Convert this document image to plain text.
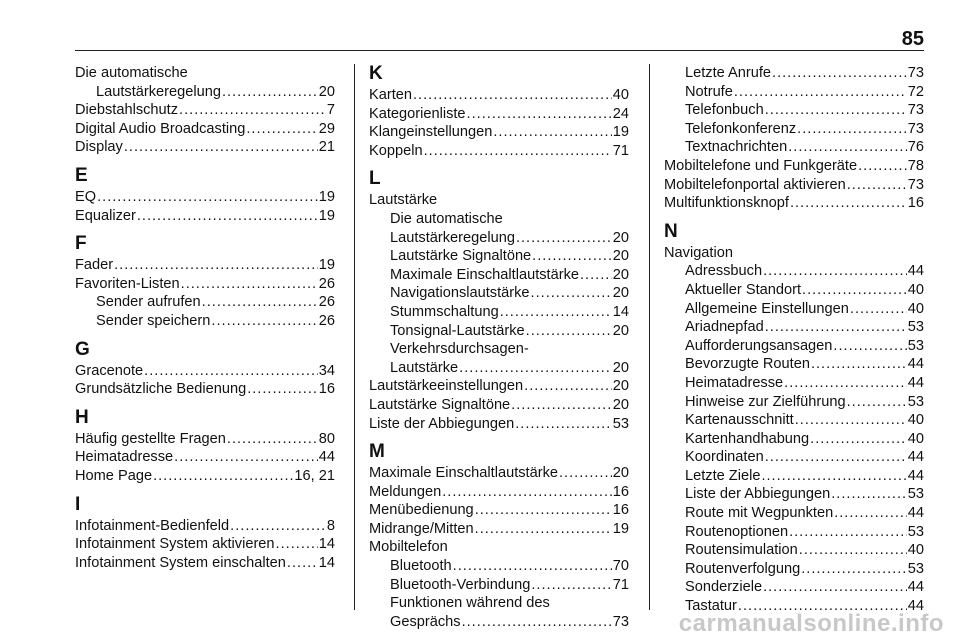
85
Die automatische
Lautstärkeregelung .....	20
Diebstahlschutz .....	7
Digital Audio Broadcasting .....	29
Display .....	21
E
EQ .....	19
Equalizer .....	19
F
Fader .....	19
Favoriten-Listen .....	26
Sender aufrufen .....	26
Sender speichern .....	26
G
Gracenote .....	34
Grundsätzliche Bedienung .....	16
H
Häufig gestellte Fragen .....	80
Heimatadresse .....	44
Home Page .....	16, 21
I
Infotainment-Bedienfeld .....	8
Infotainment System aktivieren .....	14
Infotainment System einschalten ..... 14
K
Karten .....	40
Kategorienliste .....	24
Klangeinstellungen .....	19
Koppeln .....	71
L
Lautstärke
Die automatische
Lautstärkeregelung .....	20
Lautstärke Signaltöne .....	20
Maximale Einschaltlautstärke ..... 20
Navigationslautstärke .....	20
Stummschaltung .....	14
Tonsignal-Lautstärke .....	20
Verkehrsdurchsagen-
Lautstärke .....	20
Lautstärkeeinstellungen .....	20
Lautstärke Signaltöne .....	20
Liste der Abbiegungen .....	53
M
Maximale Einschaltlautstärke .....	20
Meldungen .....	16
Menübedienung .....	16
Midrange/Mitten .....	19
Mobiltelefon
Bluetooth .....	70
Bluetooth-Verbindung .....	71
Funktionen während des
Gesprächs .....	73
Letzte Anrufe .....	73
Notrufe .....	72
Telefonbuch .....	73
Telefonkonferenz .....	73
Textnachrichten .....	76
Mobiltelefone und Funkgeräte .....	78
Mobiltelefonportal aktivieren .....	73
Multifunktionsknopf .....	16
N
Navigation
Adressbuch .....	44
Aktueller Standort .....	40
Allgemeine Einstellungen .....	40
Ariadnepfad .....	53
Aufforderungsansagen .....	53
Bevorzugte Routen .....	44
Heimatadresse .....	44
Hinweise zur Zielführung .....	53
Kartenausschnitt .....	40
Kartenhandhabung .....	40
Koordinaten .....	44
Letzte Ziele .....	44
Liste der Abbiegungen .....	53
Route mit Wegpunkten .....	44
Routenoptionen .....	53
Routensimulation .....	40
Routenverfolgung .....	53
Sonderziele .....	44
Tastatur .....	44
carmanualsonline.info
